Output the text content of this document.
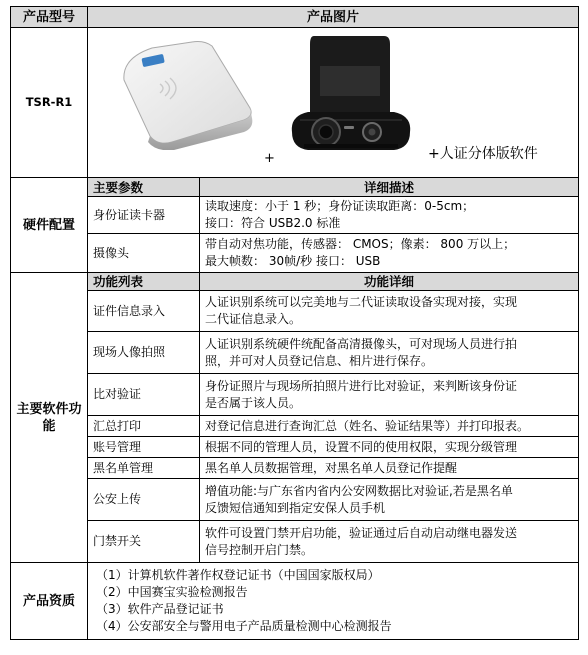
产品型号	产品图片	
TSR-R1	+ +人证分体版软件	

硬件配置	主要参数	详细描述
	身份证读卡器	读取速度：小于 1 秒；身份证读取距离：0-5cm；
接口：符合 USB2.0 标准

	摄像头	带自动对焦功能，传感器： CMOS；像素： 800 万以上；
最大帧数： 30帧/秒 接口： USB

主要软件功能	功能列表	功能详细
	证件信息录入	人证识别系统可以完美地与二代证读取设备实现对接，实现
二代证信息录入。

	现场人像拍照	人证识别系统硬件统配备高清摄像头，可对现场人员进行拍
照，并可对人员登记信息、相片进行保存。

	比对验证	身份证照片与现场所拍照片进行比对验证，来判断该身份证
是否属于该人员。

	汇总打印	对登记信息进行查询汇总（姓名、验证结果等）并打印报表。

	账号管理	根据不同的管理人员，设置不同的使用权限，实现分级管理

	黑名单管理	黑名单人员数据管理，对黑名单人员登记作提醒

	公安上传	增值功能:与广东省内省内公安网数据比对验证,若是黑名单
反馈短信通知到指定安保人员手机

	门禁开关	软件可设置门禁开启功能，验证通过后自动启动继电器发送
信号控制开启门禁。

产品资质	（1）计算机软件著作权登记证书（中国国家版权局）
（2）中国赛宝实验检测报告
（3）软件产品登记证书
（4）公安部安全与警用电子产品质量检测中心检测报告	
